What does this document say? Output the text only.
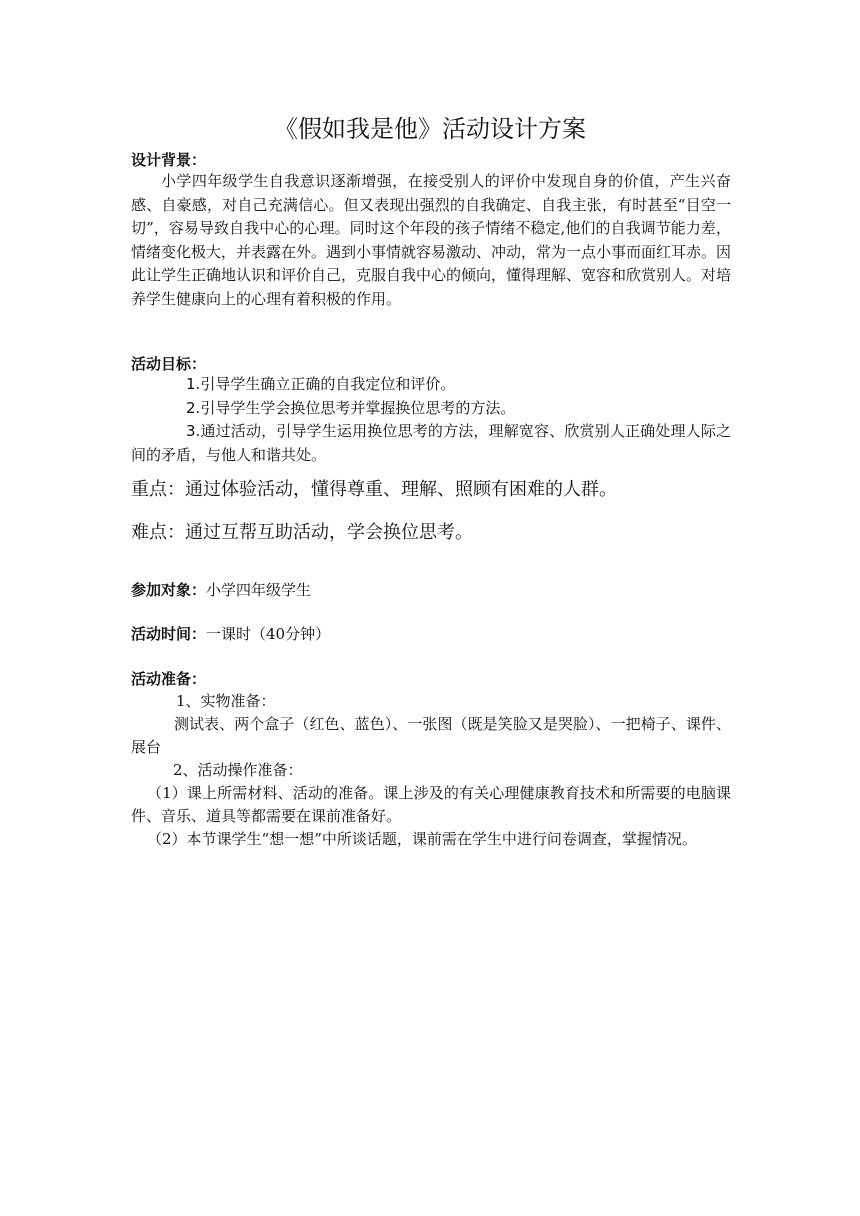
《假如我是他》活动设计方案
设计背景：
小学四年级学生自我意识逐渐增强，在接受别人的评价中发现自身的价值，产生兴奋感、自豪感，对自己充满信心。但又表现出强烈的自我确定、自我主张，有时甚至“目空一切”，容易导致自我中心的心理。同时这个年段的孩子情绪不稳定,他们的自我调节能力差，情绪变化极大，并表露在外。遇到小事情就容易激动、冲动，常为一点小事而面红耳赤。因此让学生正确地认识和评价自己，克服自我中心的倾向，懂得理解、宽容和欣赏别人。对培养学生健康向上的心理有着积极的作用。
活动目标：
1.引导学生确立正确的自我定位和评价。
2.引导学生学会换位思考并掌握换位思考的方法。
3.通过活动，引导学生运用换位思考的方法，理解宽容、欣赏别人正确处理人际之间的矛盾，与他人和谐共处。
重点：通过体验活动，懂得尊重、理解、照顾有困难的人群。
难点：通过互帮互助活动，学会换位思考。
参加对象：小学四年级学生
活动时间：一课时（40分钟）
活动准备：
1、实物准备：
测试表、两个盒子（红色、蓝色）、一张图（既是笑脸又是哭脸）、一把椅子、课件、展台
2、活动操作准备：
（1）课上所需材料、活动的准备。课上涉及的有关心理健康教育技术和所需要的电脑课件、音乐、道具等都需要在课前准备好。
（2）本节课学生“想一想”中所谈话题，课前需在学生中进行问卷调查，掌握情况。
